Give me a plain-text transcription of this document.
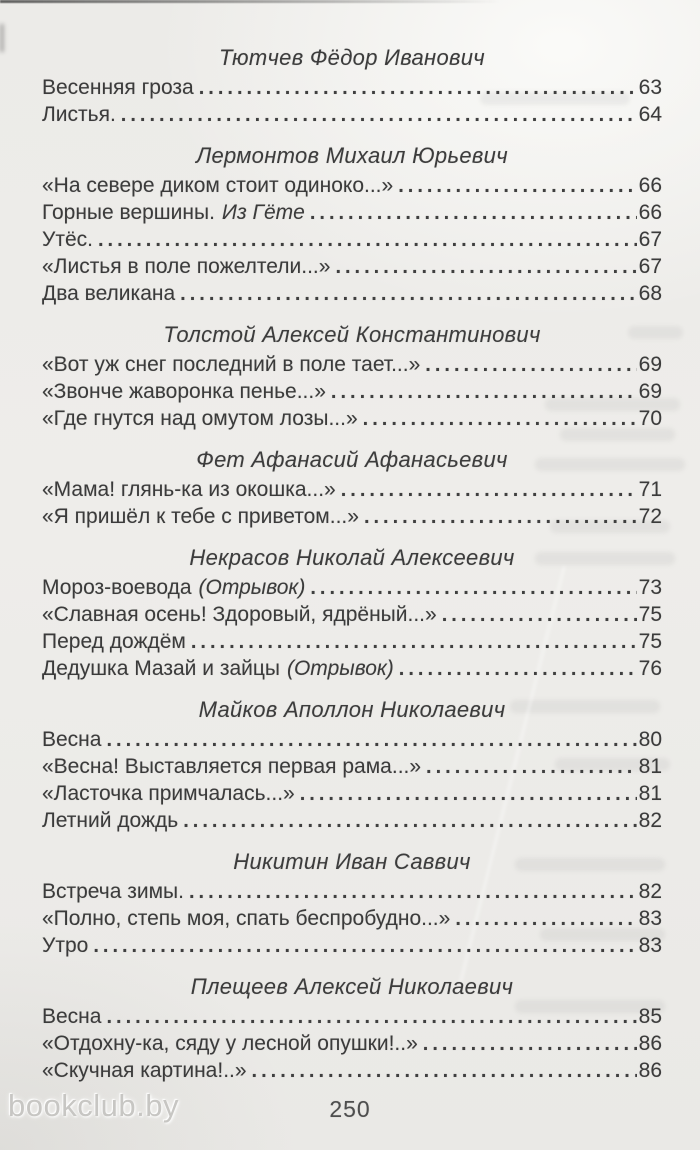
Тютчев Фёдор Иванович
Весенняя гроза .....	63
Листья. .....	64
Лермонтов Михаил Юрьевич
«На севере диком стоит одиноко...» .....	66
Горные вершины. Из Гёте .....	66
Утёс. .....	67
«Листья в поле пожелтели...» .....	67
Два великана .....	68
Толстой Алексей Константинович
«Вот уж снег последний в поле тает...» .....	69
«Звонче жаворонка пенье...» .....	69
«Где гнутся над омутом лозы...» .....	70
Фет Афанасий Афанасьевич
«Мама! глянь-ка из окошка...» .....	71
«Я пришёл к тебе с приветом...» .....	72
Некрасов Николай Алексеевич
Мороз-воевода (Отрывок) .....	73
«Славная осень! Здоровый, ядрёный...» .....	75
Перед дождём .....	75
Дедушка Мазай и зайцы (Отрывок) .....	76
Майков Аполлон Николаевич
Весна .....	80
«Весна! Выставляется первая рама...» .....	81
«Ласточка примчалась...» .....	81
Летний дождь .....	82
Никитин Иван Саввич
Встреча зимы. .....	82
«Полно, степь моя, спать беспробудно...» .....	83
Утро .....	83
Плещеев Алексей Николаевич
Весна .....	85
«Отдохну-ка, сяду у лесной опушки!..» .....	86
«Скучная картина!..» .....	86
250
bookclub.by
